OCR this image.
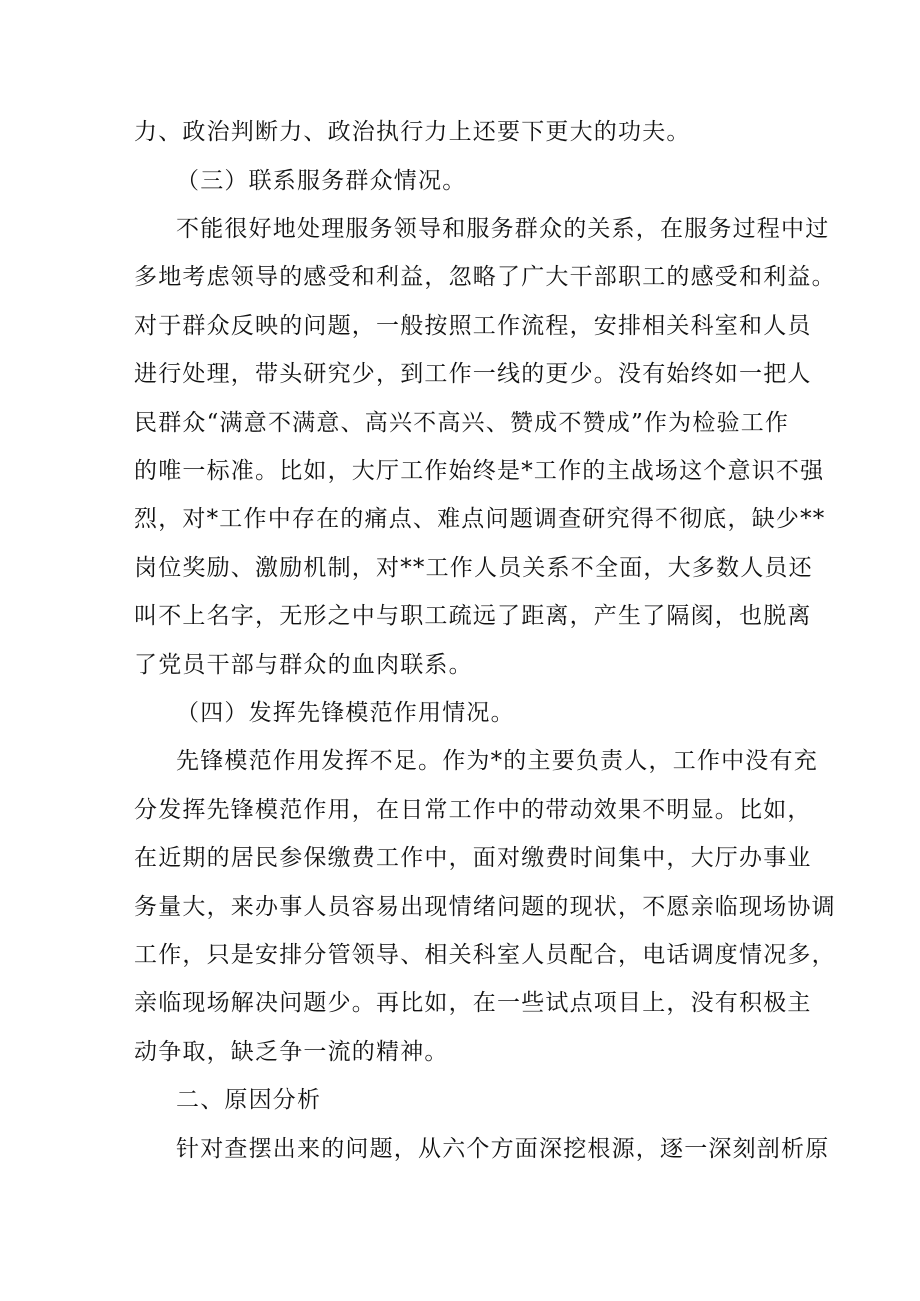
力、政治判断力、政治执行力上还要下更大的功夫。
（三）联系服务群众情况。
不能很好地处理服务领导和服务群众的关系，在服务过程中过
多地考虑领导的感受和利益，忽略了广大干部职工的感受和利益。
对于群众反映的问题，一般按照工作流程，安排相关科室和人员
进行处理，带头研究少，到工作一线的更少。没有始终如一把人
民群众“满意不满意、高兴不高兴、赞成不赞成”作为检验工作
的唯一标准。比如，大厅工作始终是*工作的主战场这个意识不强
烈，对*工作中存在的痛点、难点问题调查研究得不彻底，缺少**
岗位奖励、激励机制，对**工作人员关系不全面，大多数人员还
叫不上名字，无形之中与职工疏远了距离，产生了隔阂，也脱离
了党员干部与群众的血肉联系。
（四）发挥先锋模范作用情况。
先锋模范作用发挥不足。作为*的主要负责人，工作中没有充
分发挥先锋模范作用，在日常工作中的带动效果不明显。比如，
在近期的居民参保缴费工作中，面对缴费时间集中，大厅办事业
务量大，来办事人员容易出现情绪问题的现状，不愿亲临现场协调
工作，只是安排分管领导、相关科室人员配合，电话调度情况多，
亲临现场解决问题少。再比如，在一些试点项目上，没有积极主
动争取，缺乏争一流的精神。
二、原因分析
针对查摆出来的问题，从六个方面深挖根源，逐一深刻剖析原
